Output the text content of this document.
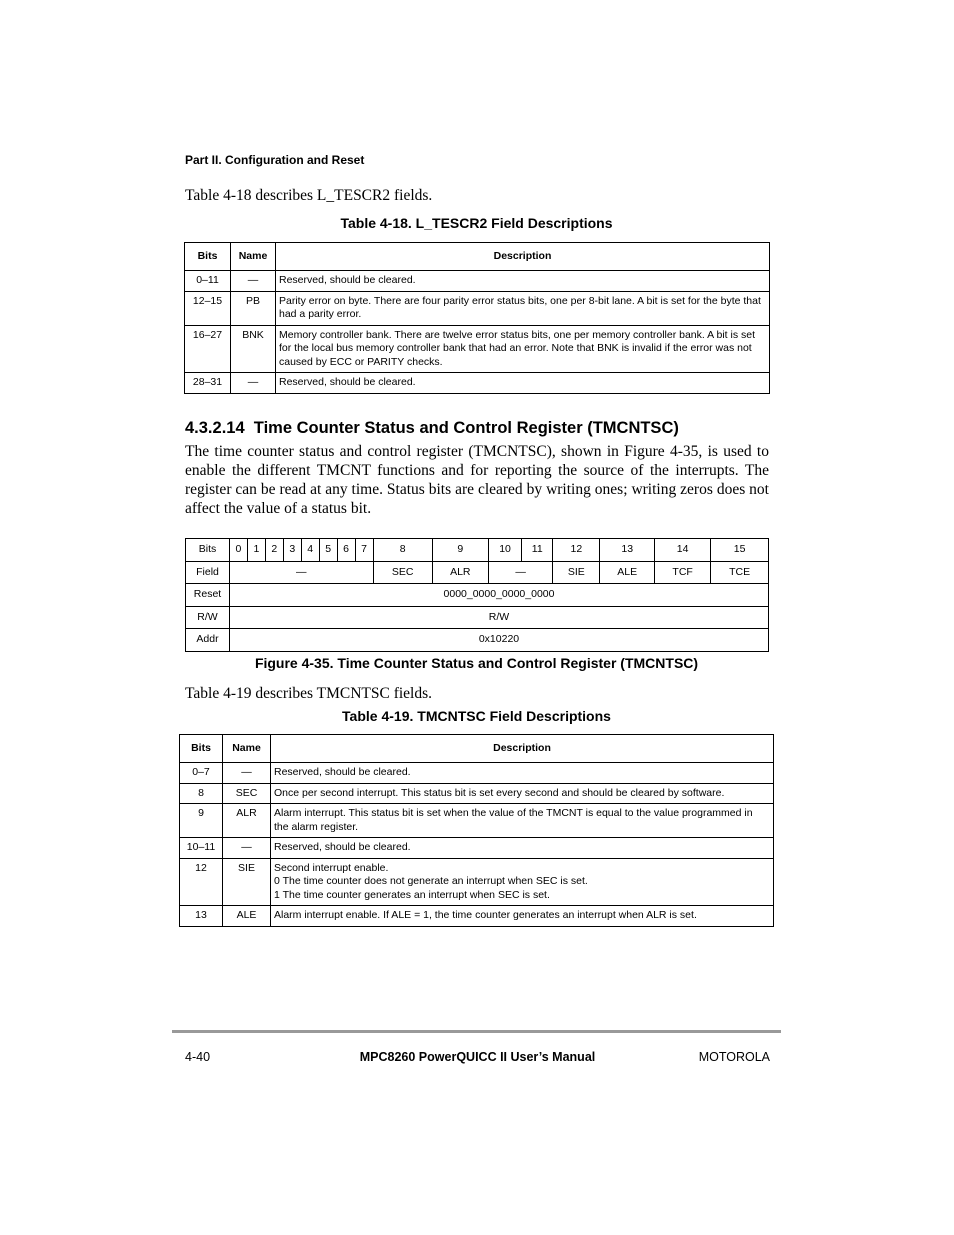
Part II. Configuration and Reset
Table 4-18 describes L_TESCR2 fields.
Table 4-18. L_TESCR2 Field Descriptions
Bits	Name	Description
0–11	—	Reserved, should be cleared.
12–15	PB	Parity error on byte. There are four parity error status bits, one per 8-bit lane. A bit is set for the byte that had a parity error.
16–27	BNK	Memory controller bank. There are twelve error status bits, one per memory controller bank. A bit is set for the local bus memory controller bank that had an error. Note that BNK is invalid if the error was not caused by ECC or PARITY checks.
28–31	—	Reserved, should be cleared.
4.3.2.14  Time Counter Status and Control Register (TMCNTSC)
The time counter status and control register (TMCNTSC), shown in Figure 4-35, is used to enable the different TMCNT functions and for reporting the source of the interrupts. The register can be read at any time. Status bits are cleared by writing ones; writing zeros does not affect the value of a status bit.
Bits	0	1	2	3	4	5	6	7	8	9	10	11	12	13	14	15
Field	—								SEC	ALR	—		SIE	ALE	TCF	TCE
Reset	0000_0000_0000_0000															
R/W	R/W															
Addr	0x10220															
Figure 4-35. Time Counter Status and Control Register (TMCNTSC)
Table 4-19 describes TMCNTSC fields.
Table 4-19. TMCNTSC Field Descriptions
Bits	Name	Description
0–7	—	Reserved, should be cleared.
8	SEC	Once per second interrupt. This status bit is set every second and should be cleared by software.
9	ALR	Alarm interrupt. This status bit is set when the value of the TMCNT is equal to the value programmed in the alarm register.
10–11	—	Reserved, should be cleared.
12	SIE	Second interrupt enable.
0 The time counter does not generate an interrupt when SEC is set.
1 The time counter generates an interrupt when SEC is set.
13	ALE	Alarm interrupt enable. If ALE = 1, the time counter generates an interrupt when ALR is set.
4-40	MPC8260 PowerQUICC II User’s Manual	MOTOROLA
